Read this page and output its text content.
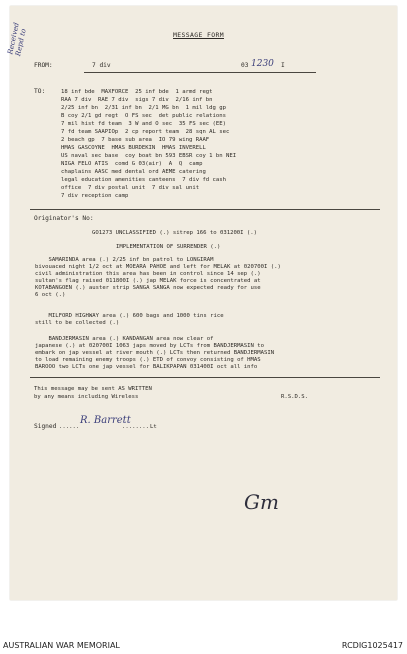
Received Repd to	MESSAGE FORM
FROM:	7 div	03 1230 I
TO:	18 inf bde  MAXFORCE  25 inf bde  1 armd regt
RAA 7 div  RAE 7 div  sigs 7 div  2/16 inf bn
2/25 inf bn  2/31 inf bn  2/1 MG bn  1 mil ldg gp
B coy 2/1 gd regt  O FS sec  det public relations
7 mil hist fd team  3 W and O sec  35 FS sec (EE)
7 fd team SAAPIOp  2 cp report team  28 sqn AL sec
2 beach gp  7 base sub area  IO 79 wing RAAF
HMAS GASCOYNE  HMAS BURDEKIN  HMAS INVERELL
US naval sec base  coy boat bn 593 EBSR coy 1 bn NEI
NIGA FELO ATIS  comd G 03(air)  A  Q  camp
chaplains AASC med dental ord AEME catering
legal education amenities canteens  7 div fd cash
office  7 div postal unit  7 div sal unit
7 div reception camp
Originator's No:
GO1273 UNCLASSIFIED (.) sitrep 166 to 031200I (.)
IMPLEMENTATION OF SURRENDER (.)
SAMARINDA area (.) 2/25 inf bn patrol to LONGIRAM
bivouaced night 1/2 oct at MOEARA PAHOE and left for MELAK at 020700I (.)
civil administration this area has been in control since 14 sep (.)
sultan's flag raised 011800I (.) jap MELAK force is concentrated at
KOTABANGOEN (.) auster strip SANGA SANGA now expected ready for use
6 oct (.)
MILFORD HIGHWAY area (.) 600 bags and 1000 tins rice
still to be collected (.)
BANDJERMASIN area (.) KANDANGAN area now clear of
japanese (.) at 020700I 1063 japs moved by LCTs from BANDJERMASIN to
embark on jap vessel at river mouth (.) LCTs then returned BANDJERMASIN
to load remaining enemy troops (.) ETD of convoy consisting of HMAS
BAROOO two LCTs one jap vessel for BALIKPAPAN 031400I oct all info
This message may be sent AS WRITTEN
by any means including Wireless	R.S.D.S.
Signed ......
R. Barrett
........ Lt
Gm
AUSTRALIAN WAR MEMORIAL	RCDIG1025417
